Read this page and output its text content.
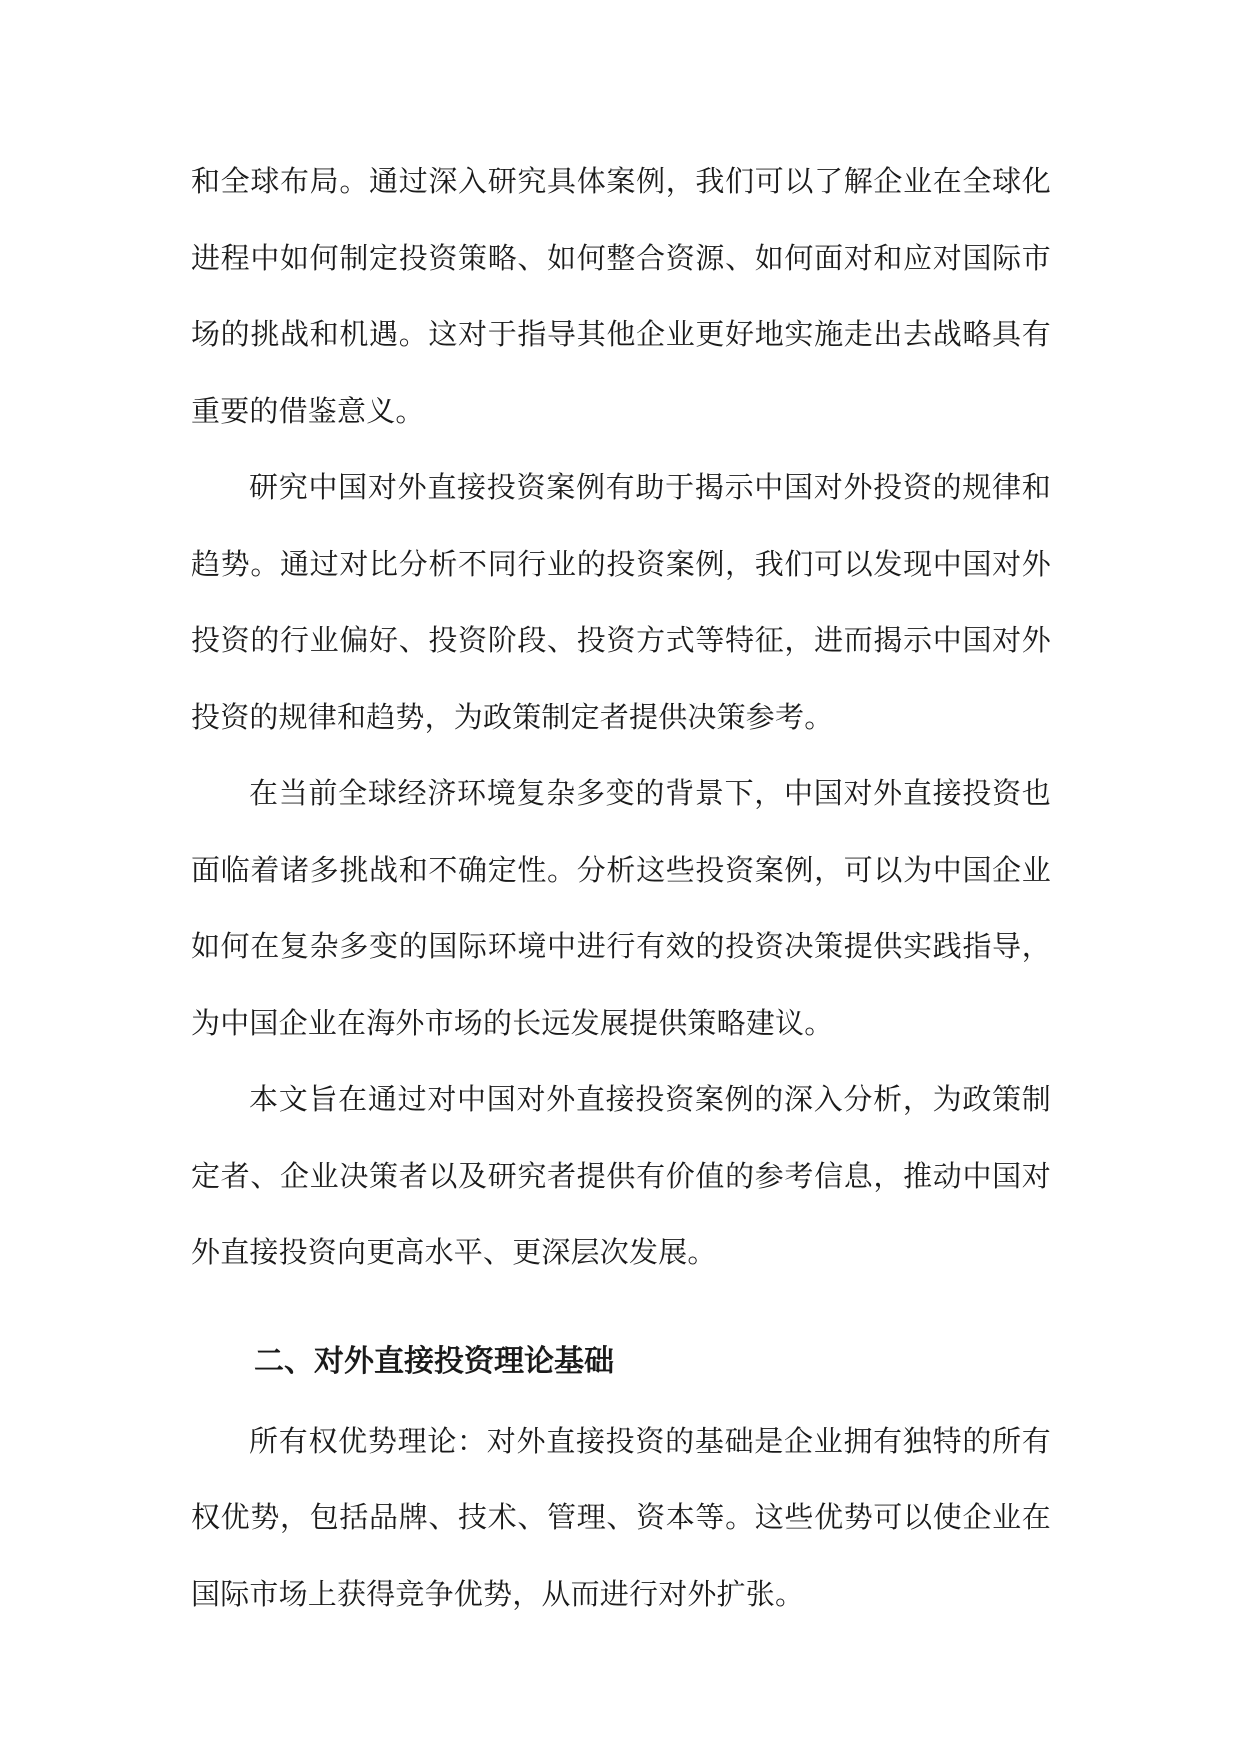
和全球布局。通过深入研究具体案例，我们可以了解企业在全球化进程中如何制定投资策略、如何整合资源、如何面对和应对国际市场的挑战和机遇。这对于指导其他企业更好地实施走出去战略具有重要的借鉴意义。

研究中国对外直接投资案例有助于揭示中国对外投资的规律和趋势。通过对比分析不同行业的投资案例，我们可以发现中国对外投资的行业偏好、投资阶段、投资方式等特征，进而揭示中国对外投资的规律和趋势，为政策制定者提供决策参考。

在当前全球经济环境复杂多变的背景下，中国对外直接投资也面临着诸多挑战和不确定性。分析这些投资案例，可以为中国企业如何在复杂多变的国际环境中进行有效的投资决策提供实践指导，为中国企业在海外市场的长远发展提供策略建议。

本文旨在通过对中国对外直接投资案例的深入分析，为政策制定者、企业决策者以及研究者提供有价值的参考信息，推动中国对外直接投资向更高水平、更深层次发展。

二、对外直接投资理论基础

所有权优势理论：对外直接投资的基础是企业拥有独特的所有权优势，包括品牌、技术、管理、资本等。这些优势可以使企业在国际市场上获得竞争优势，从而进行对外扩张。
